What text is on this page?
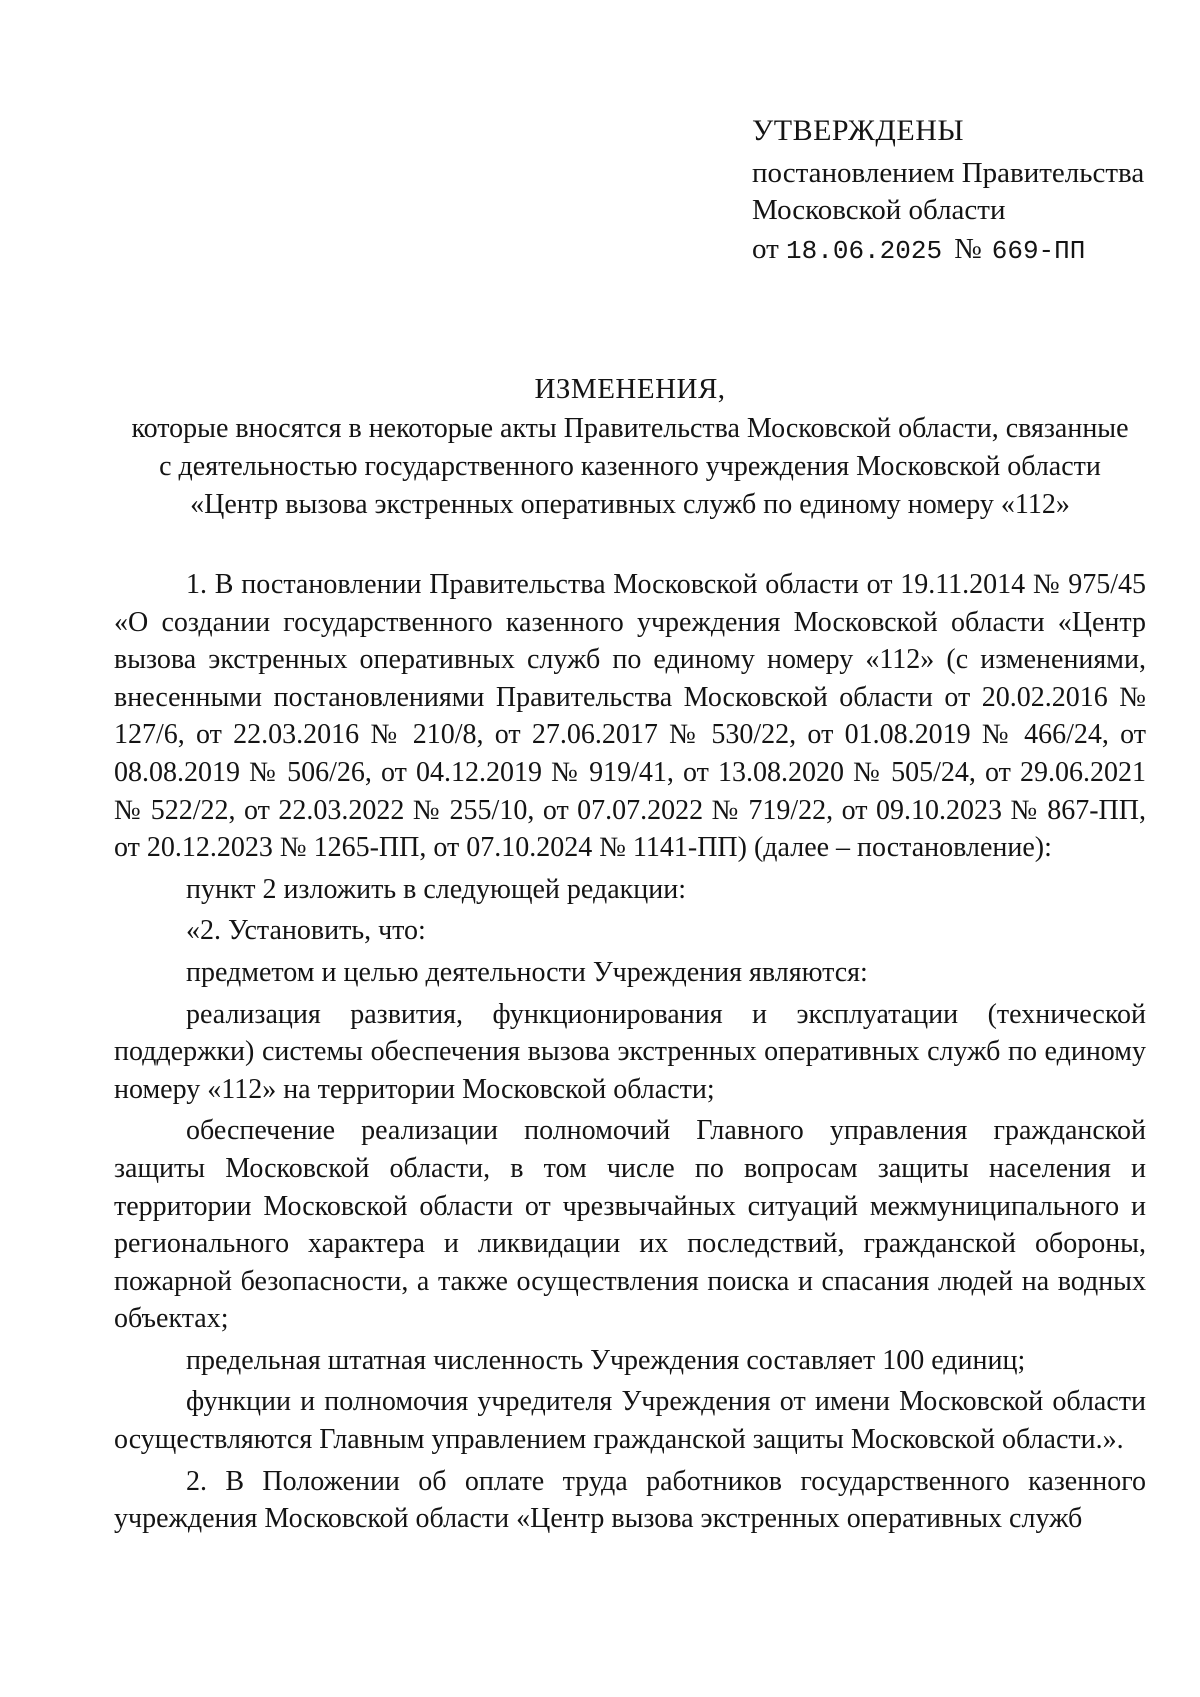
УТВЕРЖДЕНЫ
постановлением Правительства
Московской области
от 18.06.2025 № 669-ПП
ИЗМЕНЕНИЯ,
которые вносятся в некоторые акты Правительства Московской области, связанные
с деятельностью государственного казенного учреждения Московской области
«Центр вызова экстренных оперативных служб по единому номеру «112»

1. В постановлении Правительства Московской области от 19.11.2014 № 975/45 «О создании государственного казенного учреждения Московской области «Центр вызова экстренных оперативных служб по единому номеру «112» (с изменениями, внесенными постановлениями Правительства Московской области от 20.02.2016 № 127/6, от 22.03.2016 № 210/8, от 27.06.2017 № 530/22, от 01.08.2019 № 466/24, от 08.08.2019 № 506/26, от 04.12.2019 № 919/41, от 13.08.2020 № 505/24, от 29.06.2021 № 522/22, от 22.03.2022 № 255/10, от 07.07.2022 № 719/22, от 09.10.2023 № 867-ПП, от 20.12.2023 № 1265-ПП, от 07.10.2024 № 1141-ПП) (далее – постановление):

пункт 2 изложить в следующей редакции:

«2. Установить, что:

предметом и целью деятельности Учреждения являются:

реализация развития, функционирования и эксплуатации (технической поддержки) системы обеспечения вызова экстренных оперативных служб по единому номеру «112» на территории Московской области;

обеспечение реализации полномочий Главного управления гражданской защиты Московской области, в том числе по вопросам защиты населения и территории Московской области от чрезвычайных ситуаций межмуниципального и регионального характера и ликвидации их последствий, гражданской обороны, пожарной безопасности, а также осуществления поиска и спасания людей на водных объектах;

предельная штатная численность Учреждения составляет 100 единиц;

функции и полномочия учредителя Учреждения от имени Московской области осуществляются Главным управлением гражданской защиты Московской области.».

2. В Положении об оплате труда работников государственного казенного учреждения Московской области «Центр вызова экстренных оперативных служб
